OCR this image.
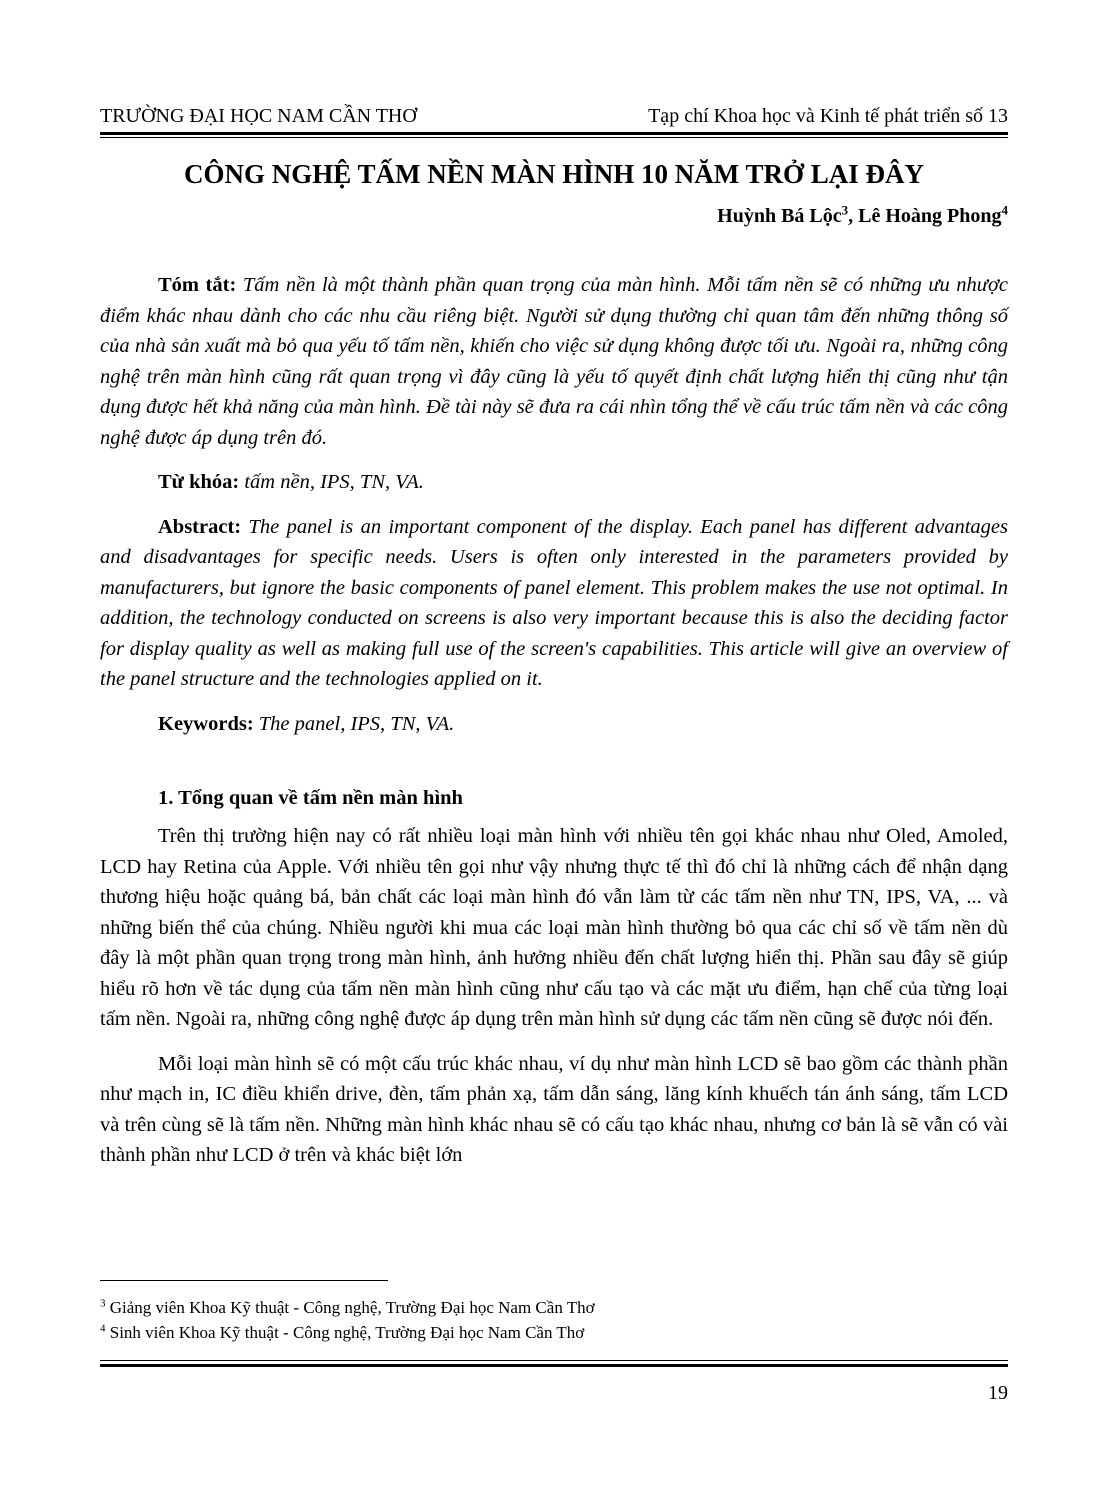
TRƯỜNG ĐẠI HỌC NAM CẦN THƠ	Tạp chí Khoa học và Kinh tế phát triển số 13
CÔNG NGHỆ TẤM NỀN MÀN HÌNH 10 NĂM TRỞ LẠI ĐÂY
Huỳnh Bá Lộc$^3$, Lê Hoàng Phong$^4$

Tóm tắt: Tấm nền là một thành phần quan trọng của màn hình. Mỗi tấm nền sẽ có những ưu nhược điểm khác nhau dành cho các nhu cầu riêng biệt. Người sử dụng thường chỉ quan tâm đến những thông số của nhà sản xuất mà bỏ qua yếu tố tấm nền, khiến cho việc sử dụng không được tối ưu. Ngoài ra, những công nghệ trên màn hình cũng rất quan trọng vì đây cũng là yếu tố quyết định chất lượng hiển thị cũng như tận dụng được hết khả năng của màn hình. Đề tài này sẽ đưa ra cái nhìn tổng thể về cấu trúc tấm nền và các công nghệ được áp dụng trên đó.

Từ khóa: tấm nền, IPS, TN, VA.

Abstract: The panel is an important component of the display. Each panel has different advantages and disadvantages for specific needs. Users is often only interested in the parameters provided by manufacturers, but ignore the basic components of panel element. This problem makes the use not optimal. In addition, the technology conducted on screens is also very important because this is also the deciding factor for display quality as well as making full use of the screen's capabilities. This article will give an overview of the panel structure and the technologies applied on it.

Keywords: The panel, IPS, TN, VA.

1. Tổng quan về tấm nền màn hình

Trên thị trường hiện nay có rất nhiều loại màn hình với nhiều tên gọi khác nhau như Oled, Amoled, LCD hay Retina của Apple. Với nhiều tên gọi như vậy nhưng thực tế thì đó chỉ là những cách để nhận dạng thương hiệu hoặc quảng bá, bản chất các loại màn hình đó vẫn làm từ các tấm nền như TN, IPS, VA, ... và những biến thể của chúng. Nhiều người khi mua các loại màn hình thường bỏ qua các chỉ số về tấm nền dù đây là một phần quan trọng trong màn hình, ảnh hưởng nhiều đến chất lượng hiển thị. Phần sau đây sẽ giúp hiểu rõ hơn về tác dụng của tấm nền màn hình cũng như cấu tạo và các mặt ưu điểm, hạn chế của từng loại tấm nền. Ngoài ra, những công nghệ được áp dụng trên màn hình sử dụng các tấm nền cũng sẽ được nói đến.

Mỗi loại màn hình sẽ có một cấu trúc khác nhau, ví dụ như màn hình LCD sẽ bao gồm các thành phần như mạch in, IC điều khiển drive, đèn, tấm phản xạ, tấm dẫn sáng, lăng kính khuếch tán ánh sáng, tấm LCD và trên cùng sẽ là tấm nền. Những màn hình khác nhau sẽ có cấu tạo khác nhau, nhưng cơ bản là sẽ vẫn có vài thành phần như LCD ở trên và khác biệt lớn

$^3$ Giảng viên Khoa Kỹ thuật - Công nghệ, Trường Đại học Nam Cần Thơ
$^4$ Sinh viên Khoa Kỹ thuật - Công nghệ, Trường Đại học Nam Cần Thơ
19
